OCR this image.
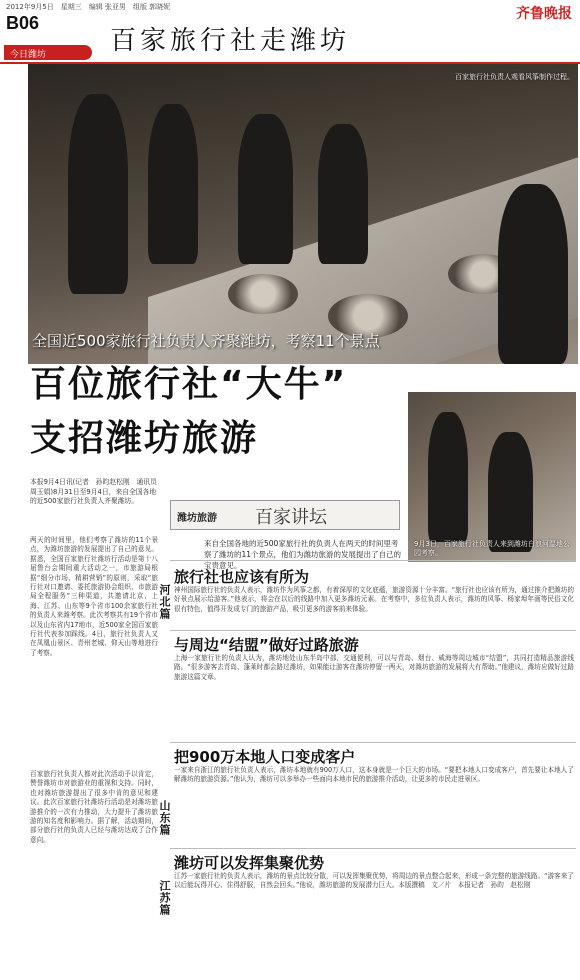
2012年9月5日　星期三　编辑 张亚男　组版 郭晓妮	齐鲁晚报
B06
百家旅行社走潍坊
今日潍坊
百家旅行社负责人观看风筝制作过程。
全国近500家旅行社负责人齐聚潍坊，考察11个景点
百位旅行社“大牛”
支招潍坊旅游
9月3日，百家旅行社负责人来到潍坊白浪河湿地公园考察。
潍坊旅游 百家讲坛
来自全国各地的近500家旅行社的负责人在两天的时间里考察了潍坊的11个景点，他们为潍坊旅游的发展提出了自己的宝贵意见。
本报9月4日讯(记者　孙昀赵松刚　通讯员　周玉娟)8月31日至9月4日，来自全国各地的近500家旅行社负责人齐聚潍坊。
两天的时间里，他们考察了潍坊的11个景点，为潍坊旅游的发展提出了自己的意见。据悉，全国百家旅行社潍坊行活动是第十八届鲁台会期间重大活动之一，市旅游局根据“细分市场、精耕营销”的原则，采取“旅行社对口邀请、委托旅游协会组织、市旅游局全程服务”三种渠道，共邀请北京、上海、江苏、山东等9个省市100余家旅行社的负责人来潍考察。此次考察共有19个省市以及山东省内17地市，近500家全国百家旅行社代表参加踩线。4日，旅行社负责人又在凤凰山景区、青州老城、仰天山等地进行了考察。
百家旅行社负责人都对此次活动予以肯定，赞誉潍坊市对旅游业的重视和支持。同时，也对潍坊旅游提出了很多中肯的意见和建议。此次百家旅行社潍坊行活动是对潍坊旅游推介的一次有力推动，大力提升了潍坊旅游的知名度和影响力。据了解，活动期间，部分旅行社的负责人已经与潍坊达成了合作意向。
旅行社也应该有所为
河北篇 神州国际旅行社的负责人表示，潍坊作为风筝之都，有着深厚的文化底蕴，旅游资源十分丰富。“旅行社也应该有所为，通过推介把潍坊的好景点展示给游客。”他表示，将会在以后的线路中加入更多潍坊元素。在考察中，多位负责人表示，潍坊的风筝、杨家埠年画等民俗文化很有特色，值得开发成专门的旅游产品，吸引更多的游客前来体验。
与周边“结盟”做好过路旅游
上海一家旅行社的负责人认为，潍坊地处山东半岛中部，交通便利，可以与青岛、烟台、威海等周边城市“结盟”，共同打造精品旅游线路。“很多游客去青岛、蓬莱时都会路过潍坊，如果能让游客在潍坊停留一两天，对潍坊旅游的发展将大有帮助。”他建议，潍坊应做好过路旅游这篇文章。
把900万本地人口变成客户
山东篇
一家来自浙江的旅行社负责人表示，潍坊本地就有900万人口，这本身就是一个巨大的市场。“要把本地人口变成客户，首先要让本地人了解潍坊的旅游资源。”他认为，潍坊可以多举办一些面向本地市民的旅游推介活动，让更多的市民走进景区。
潍坊可以发挥集聚优势
江苏篇
江苏一家旅行社的负责人表示，潍坊的景点比较分散，可以发挥集聚优势，将周边的景点整合起来，形成一条完整的旅游线路。“游客来了以后能玩得开心、住得舒服，自然会回头。”他说，潍坊旅游的发展潜力巨大。本版撰稿　文／片　本报记者　孙昀　赵松刚
